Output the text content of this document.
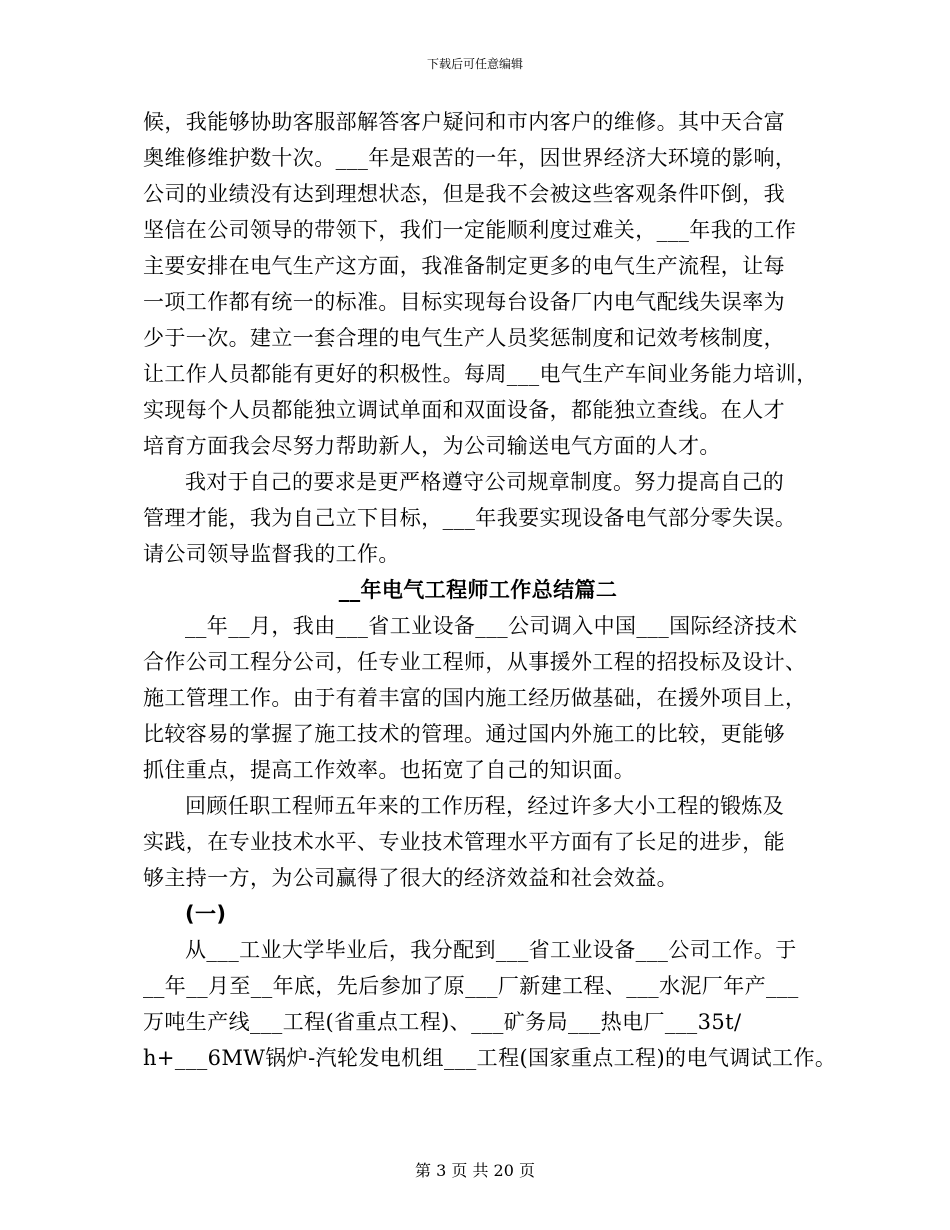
下载后可任意编辑
候，我能够协助客服部解答客户疑问和市内客户的维修。其中天合富
奥维修维护数十次。___年是艰苦的一年，因世界经济大环境的影响，
公司的业绩没有达到理想状态，但是我不会被这些客观条件吓倒，我
坚信在公司领导的带领下，我们一定能顺利度过难关，___年我的工作
主要安排在电气生产这方面，我准备制定更多的电气生产流程，让每
一项工作都有统一的标准。目标实现每台设备厂内电气配线失误率为
少于一次。建立一套合理的电气生产人员奖惩制度和记效考核制度，
让工作人员都能有更好的积极性。每周___电气生产车间业务能力培训，
实现每个人员都能独立调试单面和双面设备，都能独立查线。在人才
培育方面我会尽努力帮助新人，为公司输送电气方面的人才。
我对于自己的要求是更严格遵守公司规章制度。努力提高自己的
管理才能，我为自己立下目标，___年我要实现设备电气部分零失误。
请公司领导监督我的工作。
__年电气工程师工作总结篇二
__年__月，我由___省工业设备___公司调入中国___国际经济技术
合作公司工程分公司，任专业工程师，从事援外工程的招投标及设计、
施工管理工作。由于有着丰富的国内施工经历做基础，在援外项目上，
比较容易的掌握了施工技术的管理。通过国内外施工的比较，更能够
抓住重点，提高工作效率。也拓宽了自己的知识面。
回顾任职工程师五年来的工作历程，经过许多大小工程的锻炼及
实践，在专业技术水平、专业技术管理水平方面有了长足的进步，能
够主持一方，为公司赢得了很大的经济效益和社会效益。
(一)
从___工业大学毕业后，我分配到___省工业设备___公司工作。于
__年__月至__年底，先后参加了原___厂新建工程、___水泥厂年产___
万吨生产线___工程(省重点工程)、___矿务局___热电厂___35t/
h+___6MW锅炉-汽轮发电机组___工程(国家重点工程)的电气调试工作。
第 3 页 共 20 页
